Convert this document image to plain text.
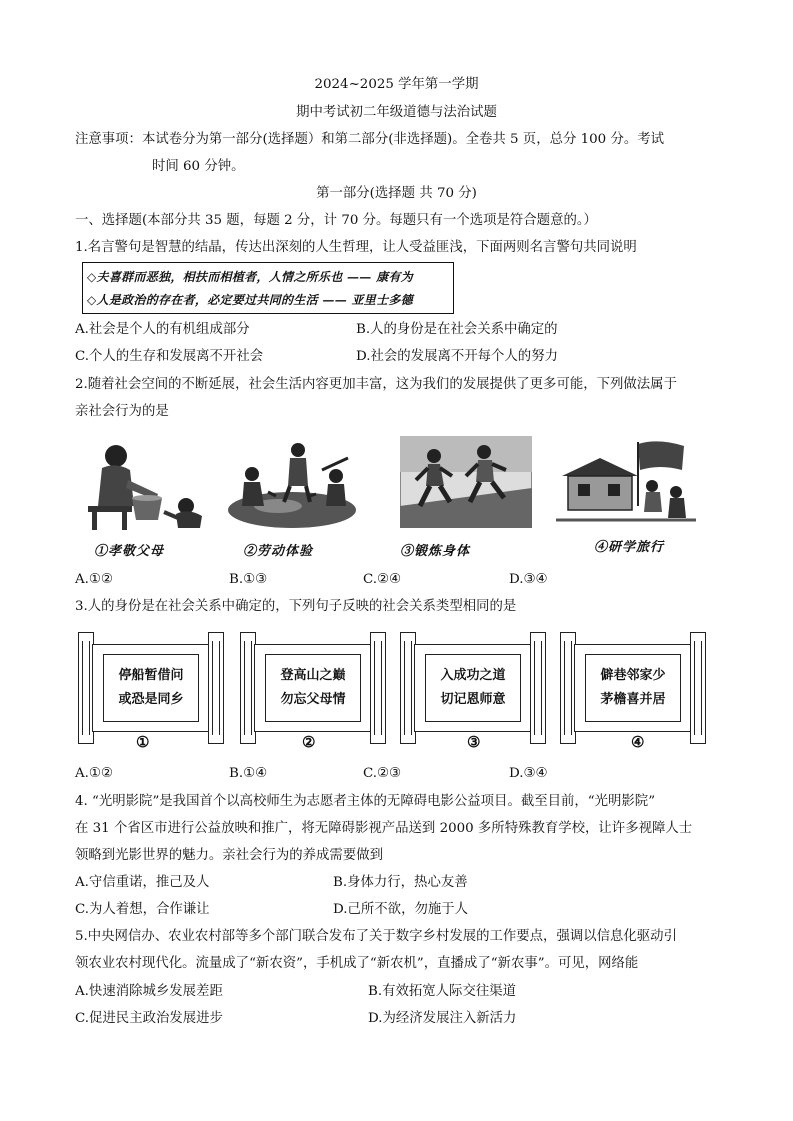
2024~2025 学年第一学期
期中考试初二年级道德与法治试题
注意事项：本试卷分为第一部分(选择题）和第二部分(非选择题)。全卷共 5 页，总分 100 分。考试
时间 60 分钟。
第一部分(选择题 共 70 分)
一、选择题(本部分共 35 题，每题 2 分，计 70 分。每题只有一个选项是符合题意的。）
1.名言警句是智慧的结晶，传达出深刻的人生哲理，让人受益匪浅，下面两则名言警句共同说明
◇夫喜群而恶独，相扶而相植者，人情之所乐也 —— 康有为
◇人是政治的存在者，必定要过共同的生活 —— 亚里士多德
A.社会是个人的有机组成部分	B.人的身份是在社会关系中确定的
C.个人的生存和发展离不开社会	D.社会的发展离不开每个人的努力
2.随着社会空间的不断延展，社会生活内容更加丰富，这为我们的发展提供了更多可能，下列做法属于
亲社会行为的是
①孝敬父母	②劳动体验	③锻炼身体	④研学旅行
A.①②	B.①③	C.②④	D.③④
3.人的身份是在社会关系中确定的，下列句子反映的社会关系类型相同的是
停船暂借问
或恐是同乡
登高山之巅
勿忘父母情
入成功之道
切记恩师意
僻巷邻家少
茅檐喜并居
①	②	③	④
A.①②	B.①④	C.②③	D.③④
4. “光明影院”是我国首个以高校师生为志愿者主体的无障碍电影公益项目。截至目前，“光明影院”
在 31 个省区市进行公益放映和推广，将无障碍影视产品送到 2000 多所特殊教育学校，让许多视障人士
领略到光影世界的魅力。亲社会行为的养成需要做到
A.守信重诺，推己及人	B.身体力行，热心友善
C.为人着想，合作谦让	D.己所不欲，勿施于人
5.中央网信办、农业农村部等多个部门联合发布了关于数字乡村发展的工作要点，强调以信息化驱动引
领农业农村现代化。流量成了“新农资”，手机成了“新农机”，直播成了“新农事”。可见，网络能
A.快速消除城乡发展差距	B.有效拓宽人际交往渠道
C.促进民主政治发展进步	D.为经济发展注入新活力
